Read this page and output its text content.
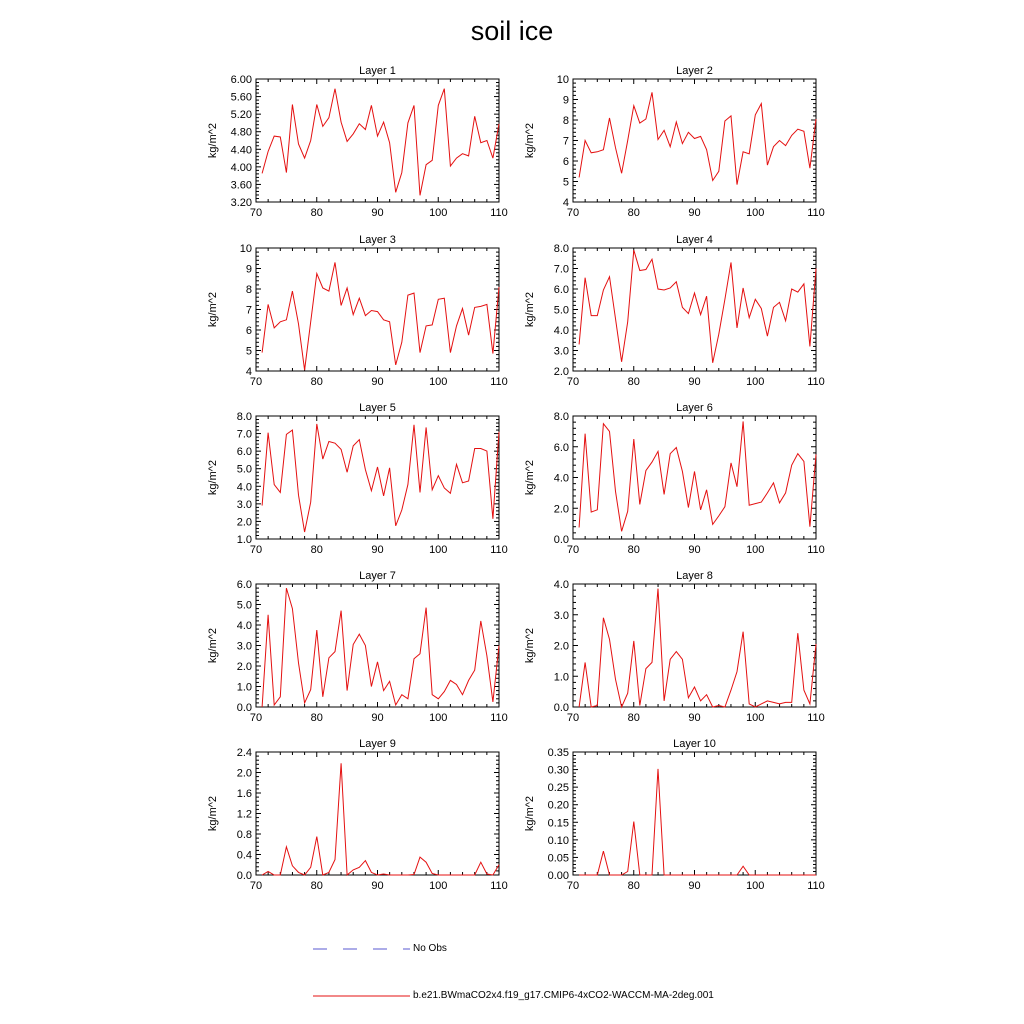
soil ice
Layer 1
kg/m^2
70	80	90	100	110
3.20
3.60
4.00
4.40
4.80
5.20
5.60
6.00
Layer 2
kg/m^2
70	80	90	100	110
4
5
6
7
8
9
10
Layer 3
kg/m^2
70	80	90	100	110
4
5
6
7
8
9
10
Layer 4
kg/m^2
70	80	90	100	110
2.0
3.0
4.0
5.0
6.0
7.0
8.0
Layer 5
kg/m^2
70	80	90	100	110
1.0
2.0
3.0
4.0
5.0
6.0
7.0
8.0
Layer 6
kg/m^2
70	80	90	100	110
0.0
2.0
4.0
6.0
8.0
Layer 7
kg/m^2
70	80	90	100	110
0.0
1.0
2.0
3.0
4.0
5.0
6.0
Layer 8
kg/m^2
70	80	90	100	110
0.0
1.0
2.0
3.0
4.0
Layer 9
kg/m^2
70	80	90	100	110
0.0
0.4
0.8
1.2
1.6
2.0
2.4
Layer 10
kg/m^2
70	80	90	100	110
0.00
0.05
0.10
0.15
0.20
0.25
0.30
0.35
No Obs
b.e21.BWmaCO2x4.f19_g17.CMIP6-4xCO2-WACCM-MA-2deg.001
